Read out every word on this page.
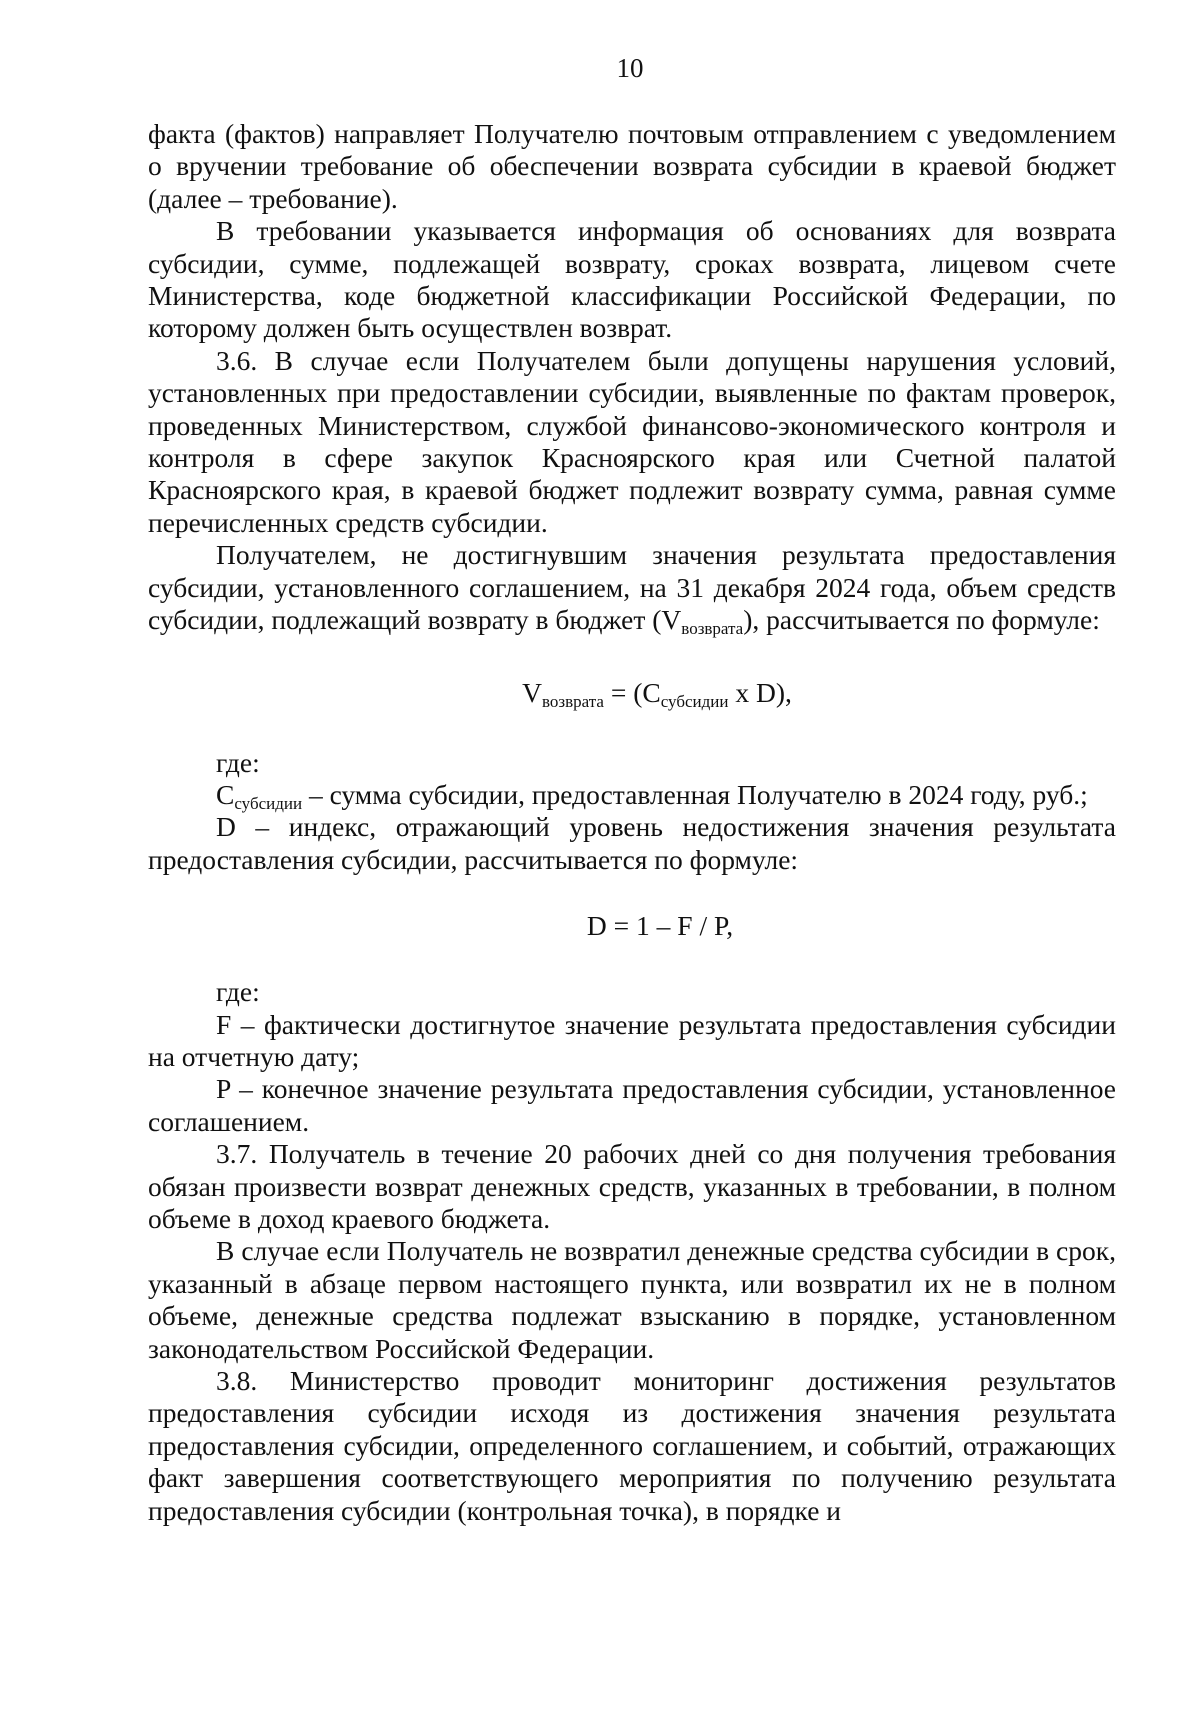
10

факта (фактов) направляет Получателю почтовым отправлением с уведомлением о вручении требование об обеспечении возврата субсидии в краевой бюджет (далее – требование).

В требовании указывается информация об основаниях для возврата субсидии, сумме, подлежащей возврату, сроках возврата, лицевом счете Министерства, коде бюджетной классификации Российской Федерации, по которому должен быть осуществлен возврат.

3.6. В случае если Получателем были допущены нарушения условий, установленных при предоставлении субсидии, выявленные по фактам проверок, проведенных Министерством, службой финансово-экономического контроля и контроля в сфере закупок Красноярского края или Счетной палатой Красноярского края, в краевой бюджет подлежит возврату сумма, равная сумме перечисленных средств субсидии.

Получателем, не достигнувшим значения результата предоставления субсидии, установленного соглашением, на 31 декабря 2024 года, объем средств субсидии, подлежащий возврату в бюджет $(V_{возврата})$, рассчитывается по формуле:

$V_{возврата} = (C_{субсидии}$ x D),

где:

$C_{субсидии}$ – сумма субсидии, предоставленная Получателю в 2024 году, руб.;

D – индекс, отражающий уровень недостижения значения результата предоставления субсидии, рассчитывается по формуле:

D = 1 – F / P,

где:

F – фактически достигнутое значение результата предоставления субсидии на отчетную дату;

P – конечное значение результата предоставления субсидии, установленное соглашением.

3.7. Получатель в течение 20 рабочих дней со дня получения требования обязан произвести возврат денежных средств, указанных в требовании, в полном объеме в доход краевого бюджета.

В случае если Получатель не возвратил денежные средства субсидии в срок, указанный в абзаце первом настоящего пункта, или возвратил их не в полном объеме, денежные средства подлежат взысканию в порядке, установленном законодательством Российской Федерации.

3.8. Министерство проводит мониторинг достижения результатов предоставления субсидии исходя из достижения значения результата предоставления субсидии, определенного соглашением, и событий, отражающих факт завершения соответствующего мероприятия по получению результата предоставления субсидии (контрольная точка), в порядке и
